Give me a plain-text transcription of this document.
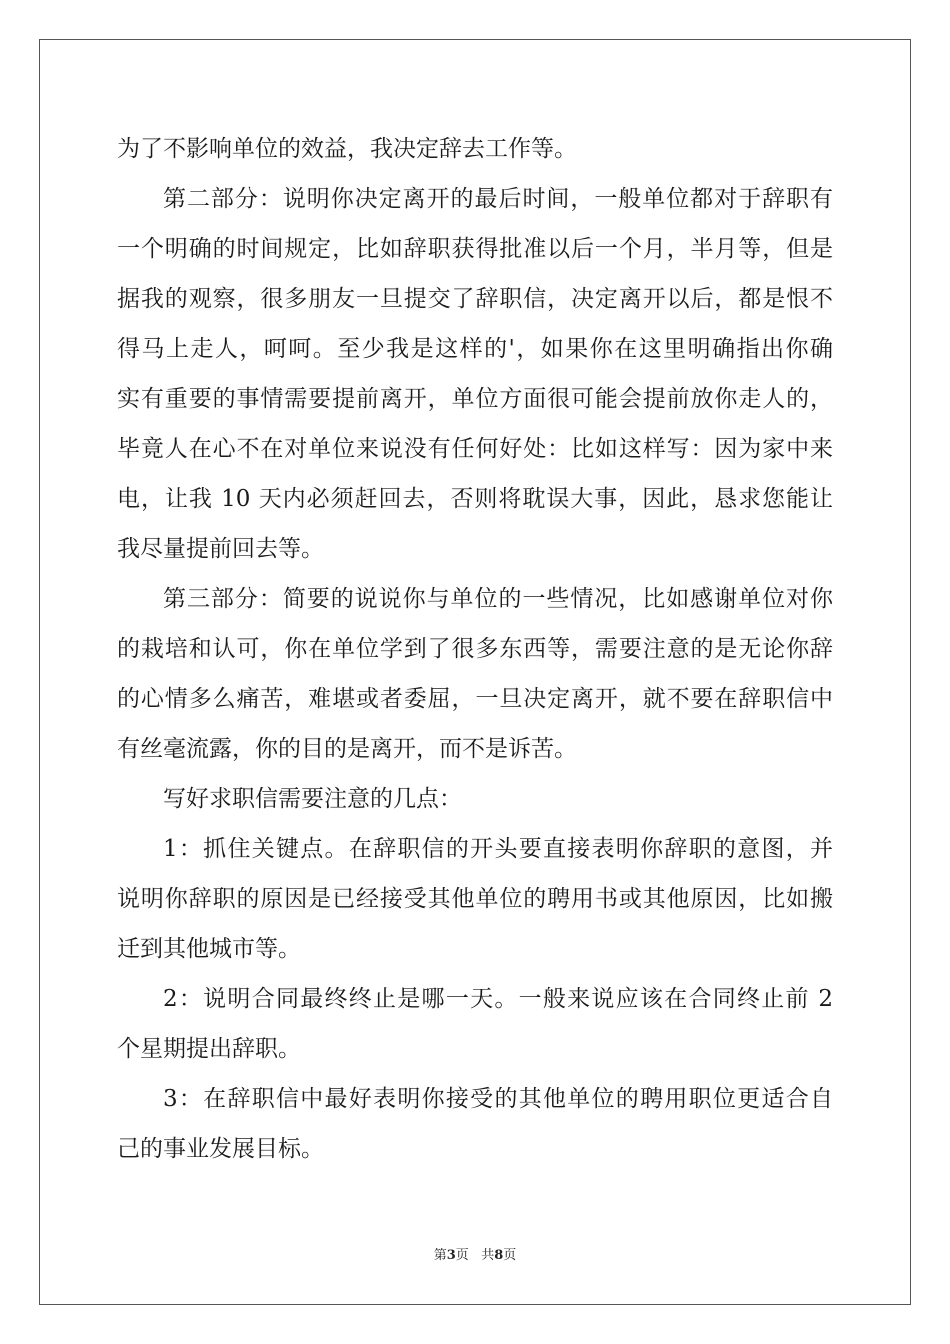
为了不影响单位的效益，我决定辞去工作等。
第二部分：说明你决定离开的最后时间，一般单位都对于辞职有
一个明确的时间规定，比如辞职获得批准以后一个月，半月等，但是
据我的观察，很多朋友一旦提交了辞职信，决定离开以后，都是恨不
得马上走人，呵呵。至少我是这样的'，如果你在这里明确指出你确
实有重要的事情需要提前离开，单位方面很可能会提前放你走人的，
毕竟人在心不在对单位来说没有任何好处：比如这样写：因为家中来
电，让我 10 天内必须赶回去，否则将耽误大事，因此，恳求您能让
我尽量提前回去等。
第三部分：简要的说说你与单位的一些情况，比如感谢单位对你
的栽培和认可，你在单位学到了很多东西等，需要注意的是无论你辞
的心情多么痛苦，难堪或者委屈，一旦决定离开，就不要在辞职信中
有丝毫流露，你的目的是离开，而不是诉苦。
写好求职信需要注意的几点：
1：抓住关键点。在辞职信的开头要直接表明你辞职的意图，并
说明你辞职的原因是已经接受其他单位的聘用书或其他原因，比如搬
迁到其他城市等。
2：说明合同最终终止是哪一天。一般来说应该在合同终止前 2
个星期提出辞职。
3：在辞职信中最好表明你接受的其他单位的聘用职位更适合自
己的事业发展目标。
第3页 共8页
